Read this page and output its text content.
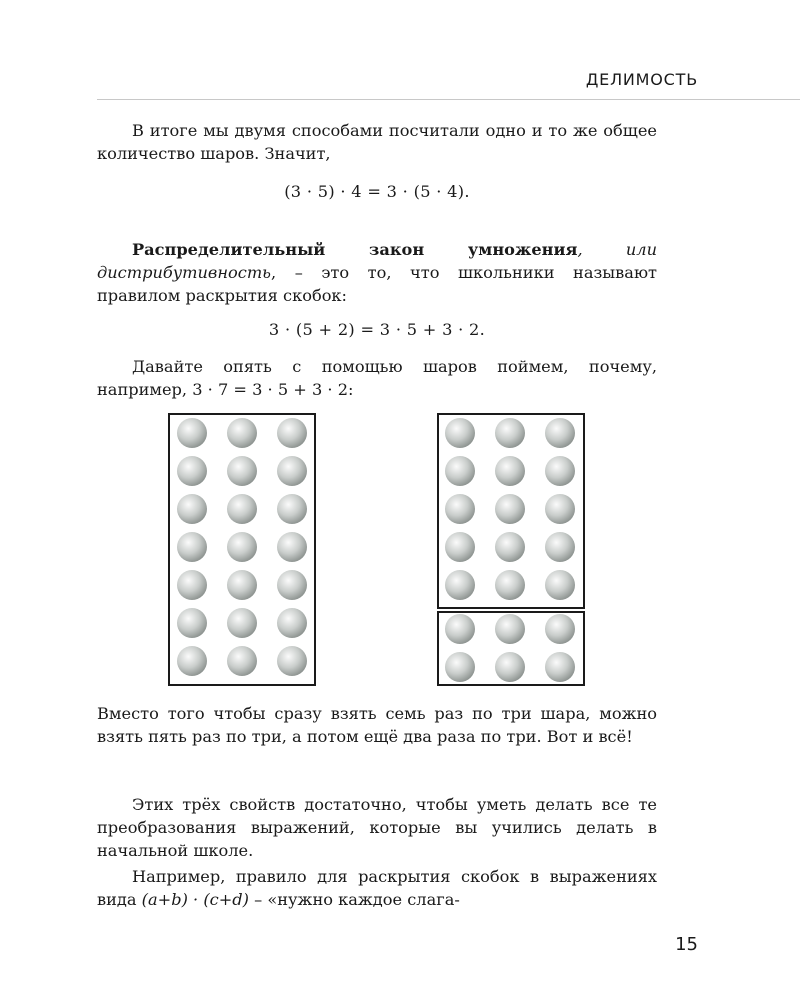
ДЕЛИМОСТЬ

В итоге мы двумя способами посчитали одно и то же общее количество шаров. Значит,

(3 · 5) · 4 = 3 · (5 · 4).

Распределительный закон умножения, или дистрибутивность, – это то, что школьники называют правилом раскрытия скобок:

3 · (5 + 2) = 3 · 5 + 3 · 2.

Давайте опять с помощью шаров поймем, почему, например, 3 · 7 = 3 · 5 + 3 · 2:

Вместо того чтобы сразу взять семь раз по три шара, можно взять пять раз по три, а потом ещё два раза по три. Вот и всё!

Этих трёх свойств достаточно, чтобы уметь делать все те преобразования выражений, которые вы учились делать в начальной школе.

Например, правило для раскрытия скобок в выражениях вида (a+b) · (c+d) – «нужно каждое слага-

15
